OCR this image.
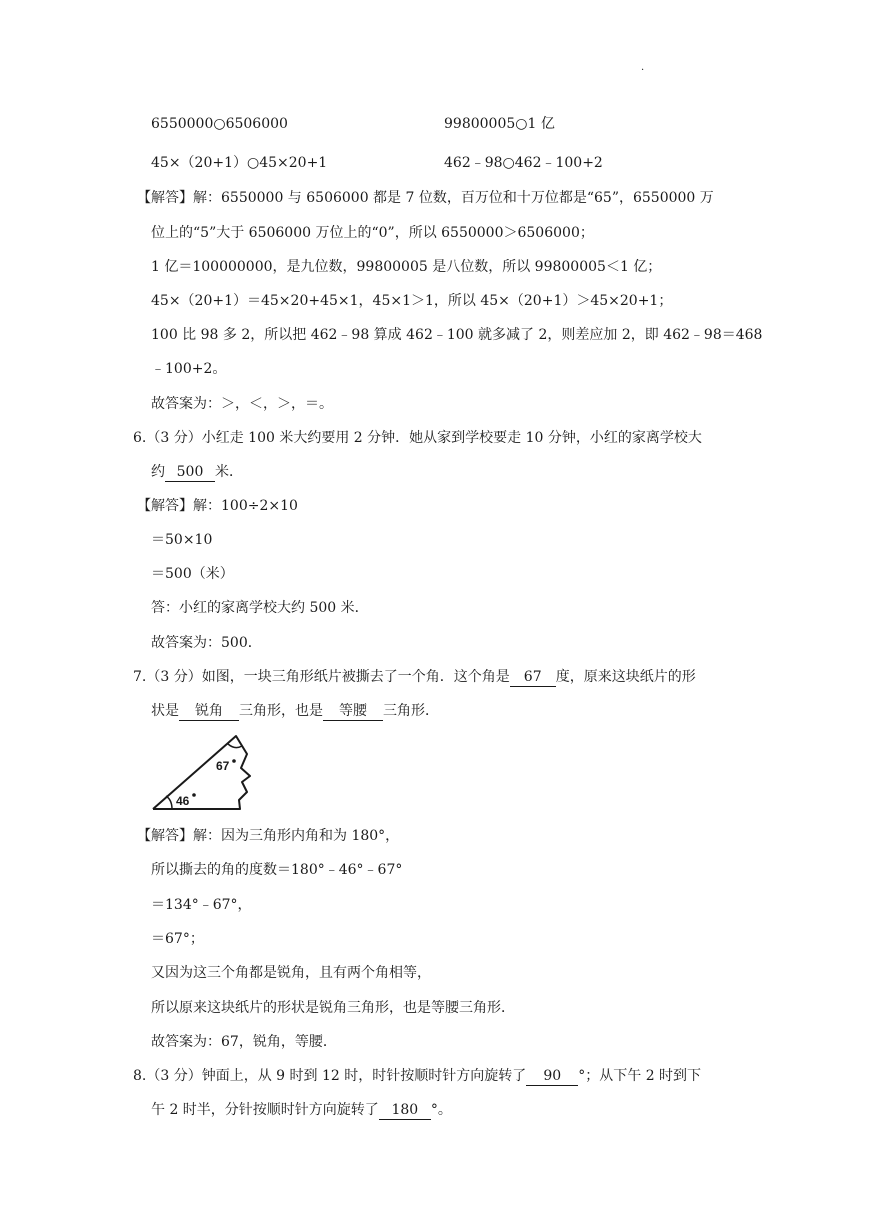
.
6550000○6506000	99800005○1 亿
45×（20+1）○45×20+1	462﹣98○462﹣100+2
【解答】解：6550000 与 6506000 都是 7 位数，百万位和十万位都是“65”，6550000 万
位上的“5”大于 6506000 万位上的“0”，所以 6550000＞6506000；
1 亿＝100000000，是九位数，99800005 是八位数，所以 99800005＜1 亿；
45×（20+1）＝45×20+45×1，45×1＞1，所以 45×（20+1）＞45×20+1；
100 比 98 多 2，所以把 462﹣98 算成 462﹣100 就多减了 2，则差应加 2，即 462﹣98＝468
﹣100+2。
故答案为：＞，＜，＞，＝。
6.（3 分）小红走 100 米大约要用 2 分钟．她从家到学校要走 10 分钟，小红的家离学校大
约 500 米．
【解答】解：100÷2×10
＝50×10
＝500（米）
答：小红的家离学校大约 500 米．
故答案为：500．
7.（3 分）如图，一块三角形纸片被撕去了一个角．这个角是 67 度，原来这块纸片的形
状是 锐角 三角形，也是 等腰 三角形．
67
46
【解答】解：因为三角形内角和为 180°，
所以撕去的角的度数＝180°﹣46°﹣67°
＝134°﹣67°，
＝67°；
又因为这三个角都是锐角，且有两个角相等，
所以原来这块纸片的形状是锐角三角形，也是等腰三角形．
故答案为：67，锐角，等腰．
8.（3 分）钟面上，从 9 时到 12 时，时针按顺时针方向旋转了 90 °；从下午 2 时到下
午 2 时半，分针按顺时针方向旋转了 180 °。
